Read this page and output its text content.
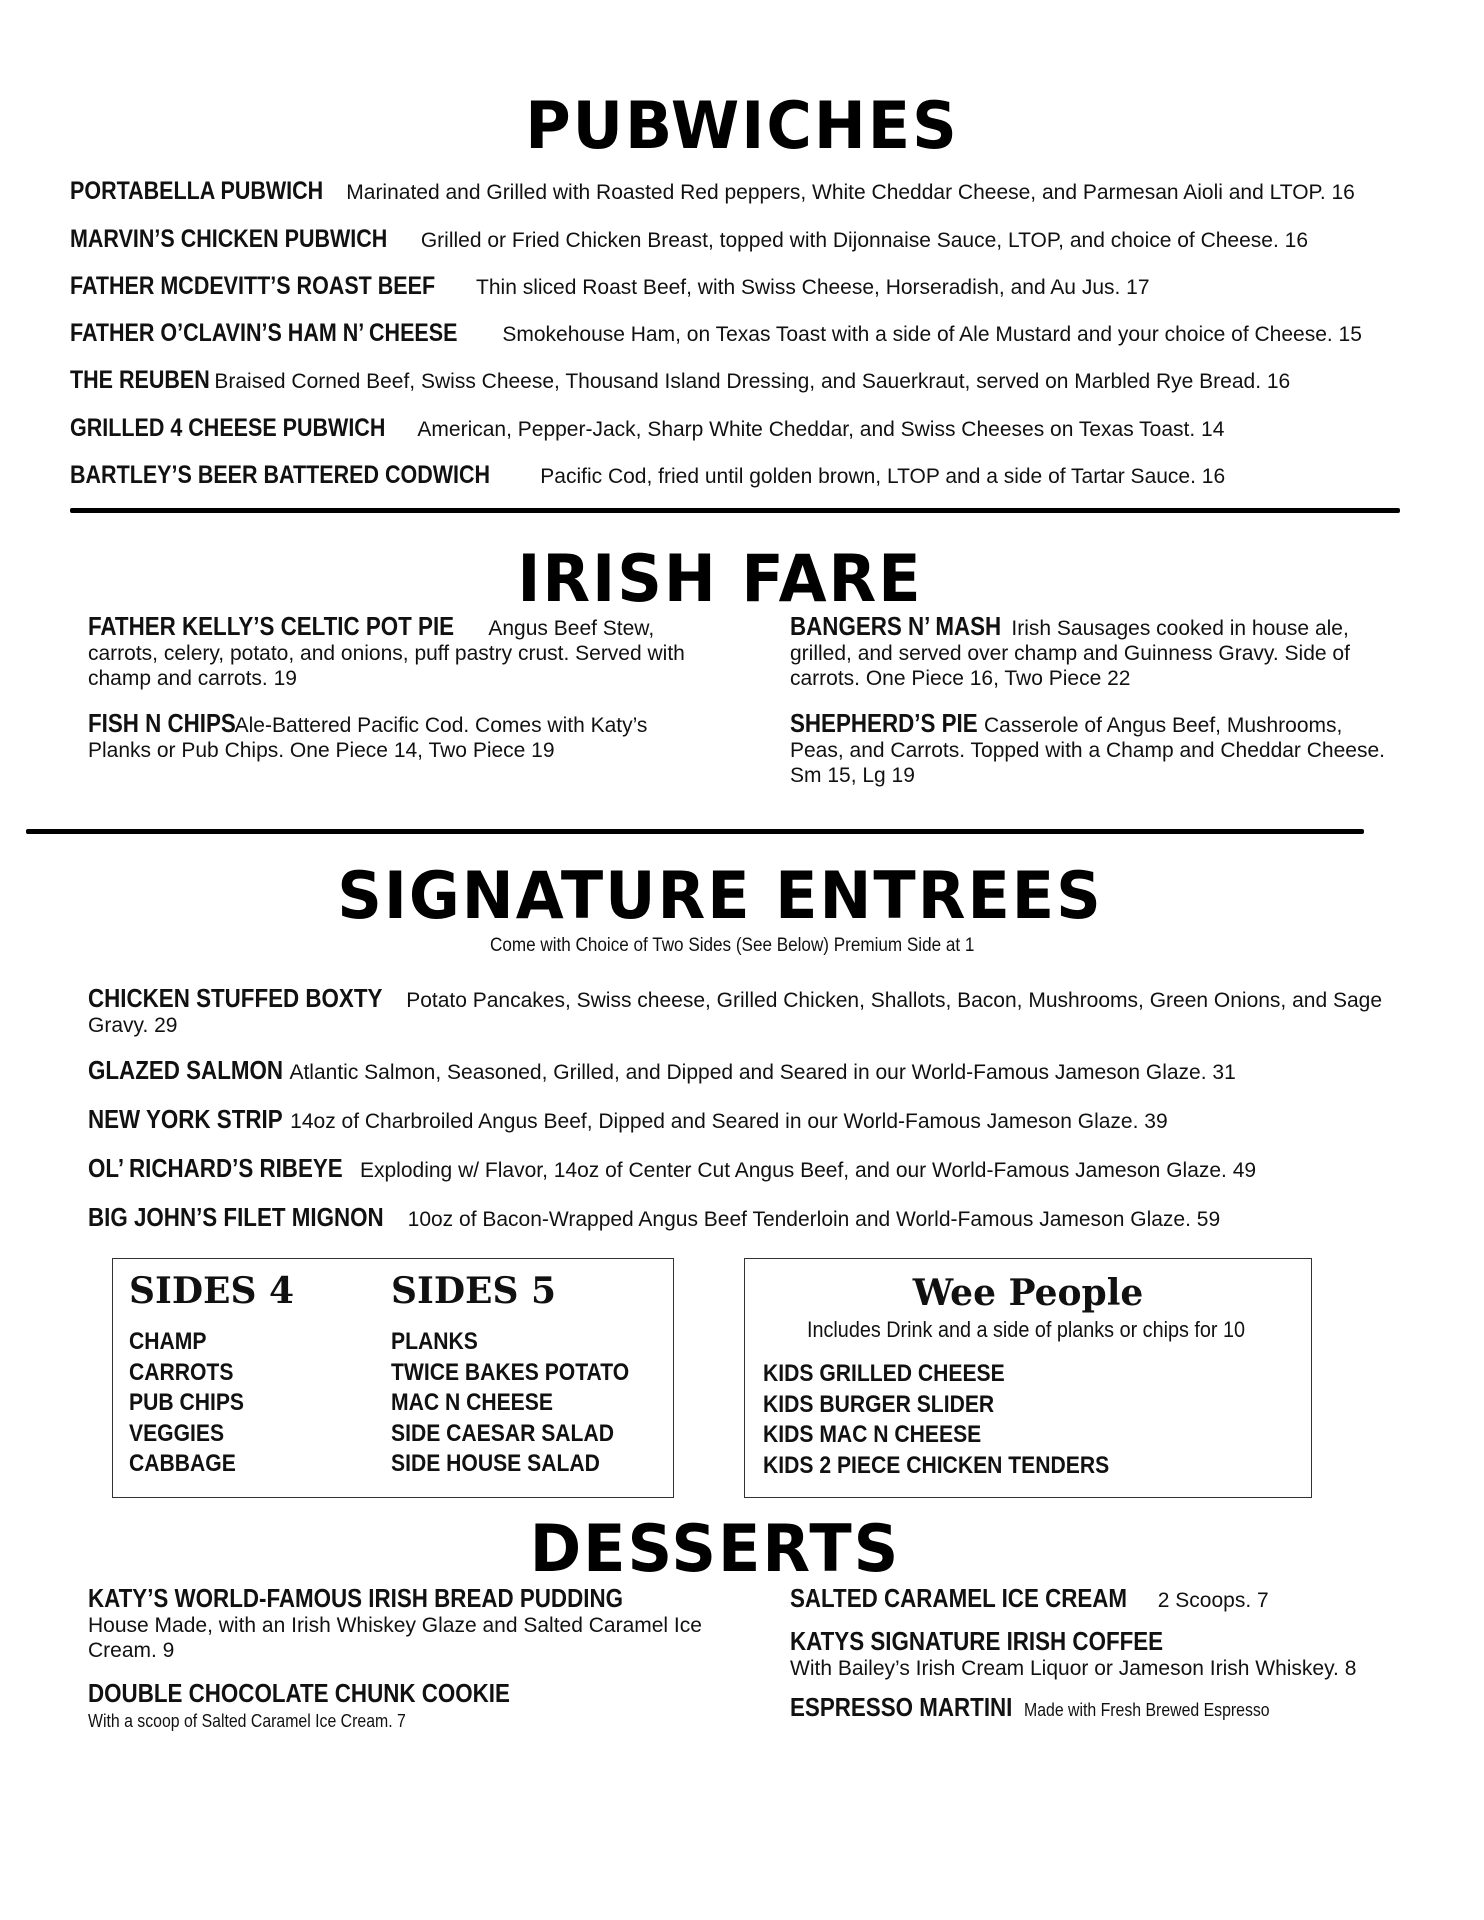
PUBWICHES

PORTABELLA PUBWICH Marinated and Grilled with Roasted Red peppers, White Cheddar Cheese, and Parmesan Aioli and LTOP. 16

MARVIN’S CHICKEN PUBWICH Grilled or Fried Chicken Breast, topped with Dijonnaise Sauce, LTOP, and choice of Cheese. 16

FATHER MCDEVITT’S ROAST BEEF Thin sliced Roast Beef, with Swiss Cheese, Horseradish, and Au Jus. 17

FATHER O’CLAVIN’S HAM N’ CHEESE Smokehouse Ham, on Texas Toast with a side of Ale Mustard and your choice of Cheese. 15

THE REUBEN Braised Corned Beef, Swiss Cheese, Thousand Island Dressing, and Sauerkraut, served on Marbled Rye Bread. 16

GRILLED 4 CHEESE PUBWICH American, Pepper-Jack, Sharp White Cheddar, and Swiss Cheeses on Texas Toast. 14

BARTLEY’S BEER BATTERED CODWICH Pacific Cod, fried until golden brown, LTOP and a side of Tartar Sauce. 16

IRISH FARE

FATHER KELLY’S CELTIC POT PIE Angus Beef Stew, carrots, celery, potato, and onions, puff pastry crust. Served with champ and carrots. 19

FISH N CHIPS Ale-Battered Pacific Cod. Comes with Katy’s Planks or Pub Chips. One Piece 14, Two Piece 19

BANGERS N’ MASH Irish Sausages cooked in house ale, grilled, and served over champ and Guinness Gravy. Side of carrots. One Piece 16, Two Piece 22

SHEPHERD’S PIE Casserole of Angus Beef, Mushrooms, Peas, and Carrots. Topped with a Champ and Cheddar Cheese. Sm 15, Lg 19

SIGNATURE ENTREES

Come with Choice of Two Sides (See Below) Premium Side at 1

CHICKEN STUFFED BOXTY Potato Pancakes, Swiss cheese, Grilled Chicken, Shallots, Bacon, Mushrooms, Green Onions, and Sage Gravy. 29

GLAZED SALMON Atlantic Salmon, Seasoned, Grilled, and Dipped and Seared in our World-Famous Jameson Glaze. 31

NEW YORK STRIP 14oz of Charbroiled Angus Beef, Dipped and Seared in our World-Famous Jameson Glaze. 39

OL’ RICHARD’S RIBEYE Exploding w/ Flavor, 14oz of Center Cut Angus Beef, and our World-Famous Jameson Glaze. 49

BIG JOHN’S FILET MIGNON 10oz of Bacon-Wrapped Angus Beef Tenderloin and World-Famous Jameson Glaze. 59

SIDES 4
CHAMP
CARROTS
PUB CHIPS
VEGGIES
CABBAGE
SIDES 5
PLANKS
TWICE BAKES POTATO
MAC N CHEESE
SIDE CAESAR SALAD
SIDE HOUSE SALAD
Wee People

Includes Drink and a side of planks or chips for 10

KIDS GRILLED CHEESE
KIDS BURGER SLIDER
KIDS MAC N CHEESE
KIDS 2 PIECE CHICKEN TENDERS
DESSERTS

KATY’S WORLD-FAMOUS IRISH BREAD PUDDING
House Made, with an Irish Whiskey Glaze and Salted Caramel Ice Cream. 9

DOUBLE CHOCOLATE CHUNK COOKIE
With a scoop of Salted Caramel Ice Cream. 7

SALTED CARAMEL ICE CREAM 2 Scoops. 7

KATYS SIGNATURE IRISH COFFEE
With Bailey’s Irish Cream Liquor or Jameson Irish Whiskey. 8

ESPRESSO MARTINI Made with Fresh Brewed Espresso
